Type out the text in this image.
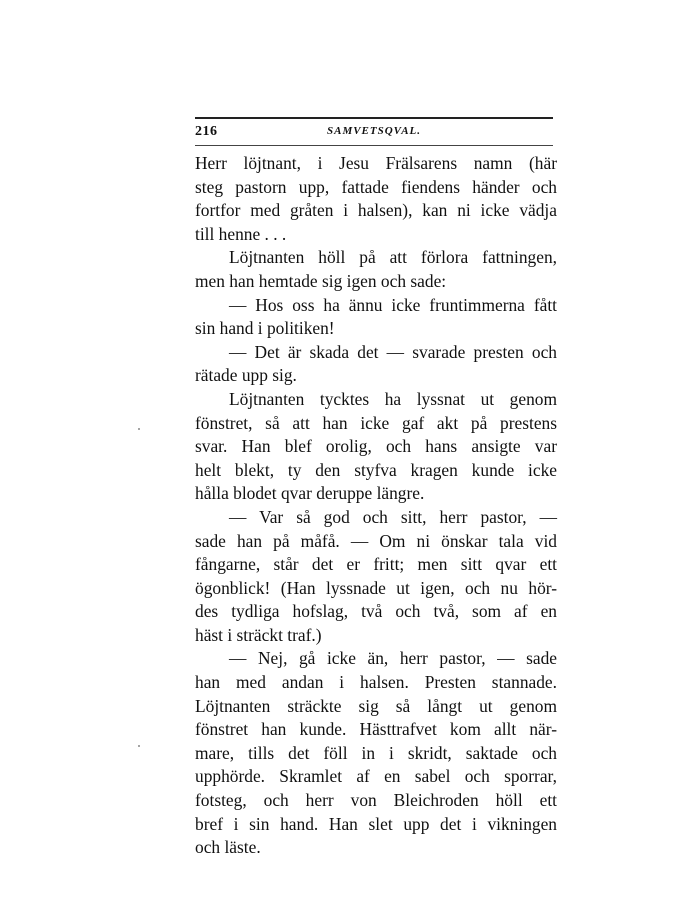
216	SAMVETSQVAL.
Herr löjtnant, i Jesu Frälsarens namn (här
steg pastorn upp, fattade fiendens händer och
fortfor med gråten i halsen), kan ni icke vädja
till henne . . .
Löjtnanten höll på att förlora fattningen,
men han hemtade sig igen och sade:
— Hos oss ha ännu icke fruntimmerna fått
sin hand i politiken!
— Det är skada det — svarade presten och
rätade upp sig.
Löjtnanten tycktes ha lyssnat ut genom
fönstret, så att han icke gaf akt på prestens
svar. Han blef orolig, och hans ansigte var
helt blekt, ty den styfva kragen kunde icke
hålla blodet qvar deruppe längre.
— Var så god och sitt, herr pastor, —
sade han på måfå. — Om ni önskar tala vid
fångarne, står det er fritt; men sitt qvar ett
ögonblick! (Han lyssnade ut igen, och nu hör-
des tydliga hofslag, två och två, som af en
häst i sträckt traf.)
— Nej, gå icke än, herr pastor, — sade
han med andan i halsen. Presten stannade.
Löjtnanten sträckte sig så långt ut genom
fönstret han kunde. Hästtrafvet kom allt när-
mare, tills det föll in i skridt, saktade och
upphörde. Skramlet af en sabel och sporrar,
fotsteg, och herr von Bleichroden höll ett
bref i sin hand. Han slet upp det i vikningen
och läste.
